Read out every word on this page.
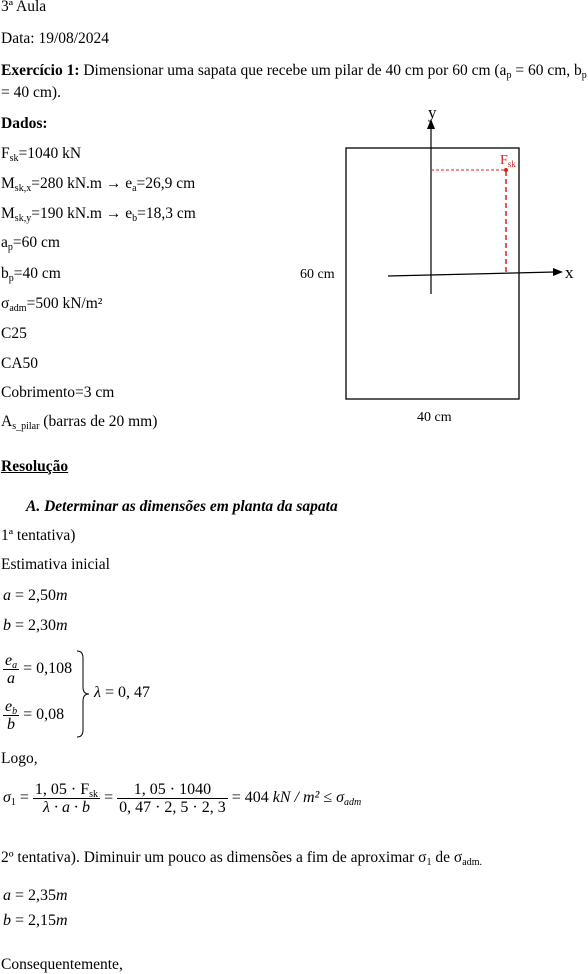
3ª Aula
Data: 19/08/2024
Exercício 1: Dimensionar uma sapata que recebe um pilar de 40 cm por 60 cm ($a_p = 60$ cm, $b_p = 40$ cm).
Dados:
$F_{sk}=1040$ kN
$M_{sk,x}=280$ $kN.m \to e_a=26,9$ cm
$M_{sk,y}=190$ $kN.m \to e_b=18,3$ cm
$a_p=60$ cm
$b_p=40$ cm
$\sigma_{adm}=500$ kN/m²
C25
CA50
Cobrimento=3 cm
$A_{s\_pilar}$ (barras de 20 mm)
y
x
$F_{sk}$
60 cm
40 cm
Resolução
A. Determinar as dimensões em planta da sapata
1ª tentativa)
Estimativa inicial
a = 2,50m
b = 2,30m
$\frac{e_a}{a} = 0,108$
$\frac{e_b}{b} = 0,08$
λ = 0, 47
Logo,
$\sigma_1 = \frac{1, 05 \cdot F_{sk}}{\lambda \cdot a \cdot b} = \frac{1, 05 \cdot 1040}{0, 47 \cdot 2, 5 \cdot 2, 3} = 404$ kN / $m^2 \le \sigma_{adm}$
2º tentativa). Diminuir um pouco as dimensões a fim de aproximar $\sigma_1$ de $\sigma_{adm.}$
a = 2,35m
b = 2,15m
Consequentemente,
